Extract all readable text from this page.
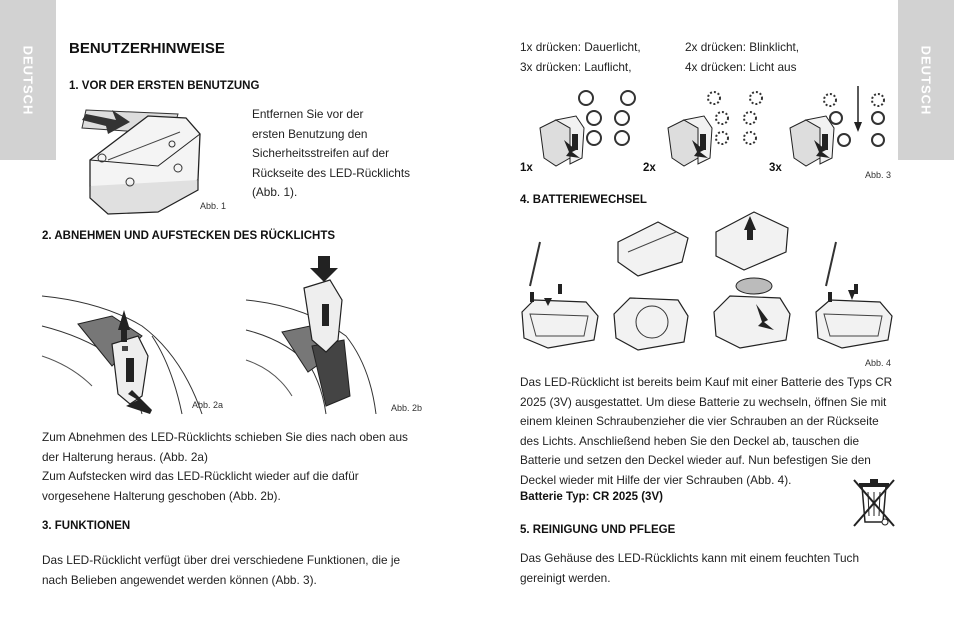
DEUTSCH	DEUTSCH
BENUTZERHINWEISE
1. VOR DER ERSTEN BENUTZUNG
Abb. 1
Entfernen Sie vor der
ersten Benutzung den
Sicherheitsstreifen auf der
Rückseite des LED-Rücklichts
(Abb. 1).
2. ABNEHMEN UND AUFSTECKEN DES RÜCKLICHTS
Abb. 2a	Abb. 2b
Zum Abnehmen des LED-Rücklichts schieben Sie dies nach oben aus
der Halterung heraus. (Abb. 2a)
Zum Aufstecken wird das LED-Rücklicht wieder auf die dafür
vorgesehene Halterung geschoben (Abb. 2b).
3. FUNKTIONEN
Das LED-Rücklicht verfügt über drei verschiedene Funktionen, die je
nach Belieben angewendet werden können (Abb. 3).
1x drücken: Dauerlicht,
3x drücken: Lauflicht,
2x drücken: Blinklicht,
4x drücken: Licht aus
1x	2x	3x
Abb. 3
4. BATTERIEWECHSEL
Abb. 4
Das LED-Rücklicht ist bereits beim Kauf mit einer Batterie des Typs CR
2025 (3V) ausgestattet. Um diese Batterie zu wechseln, öffnen Sie mit
einem kleinen Schraubenzieher die vier Schrauben an der Rückseite
des Lichts. Anschließend heben Sie den Deckel ab, tauschen die
Batterie und setzen den Deckel wieder auf. Nun befestigen Sie den
Deckel wieder mit Hilfe der vier Schrauben (Abb. 4).
Batterie Typ: CR 2025 (3V)
5. REINIGUNG UND PFLEGE
Das Gehäuse des LED-Rücklichts kann mit einem feuchten Tuch
gereinigt werden.
